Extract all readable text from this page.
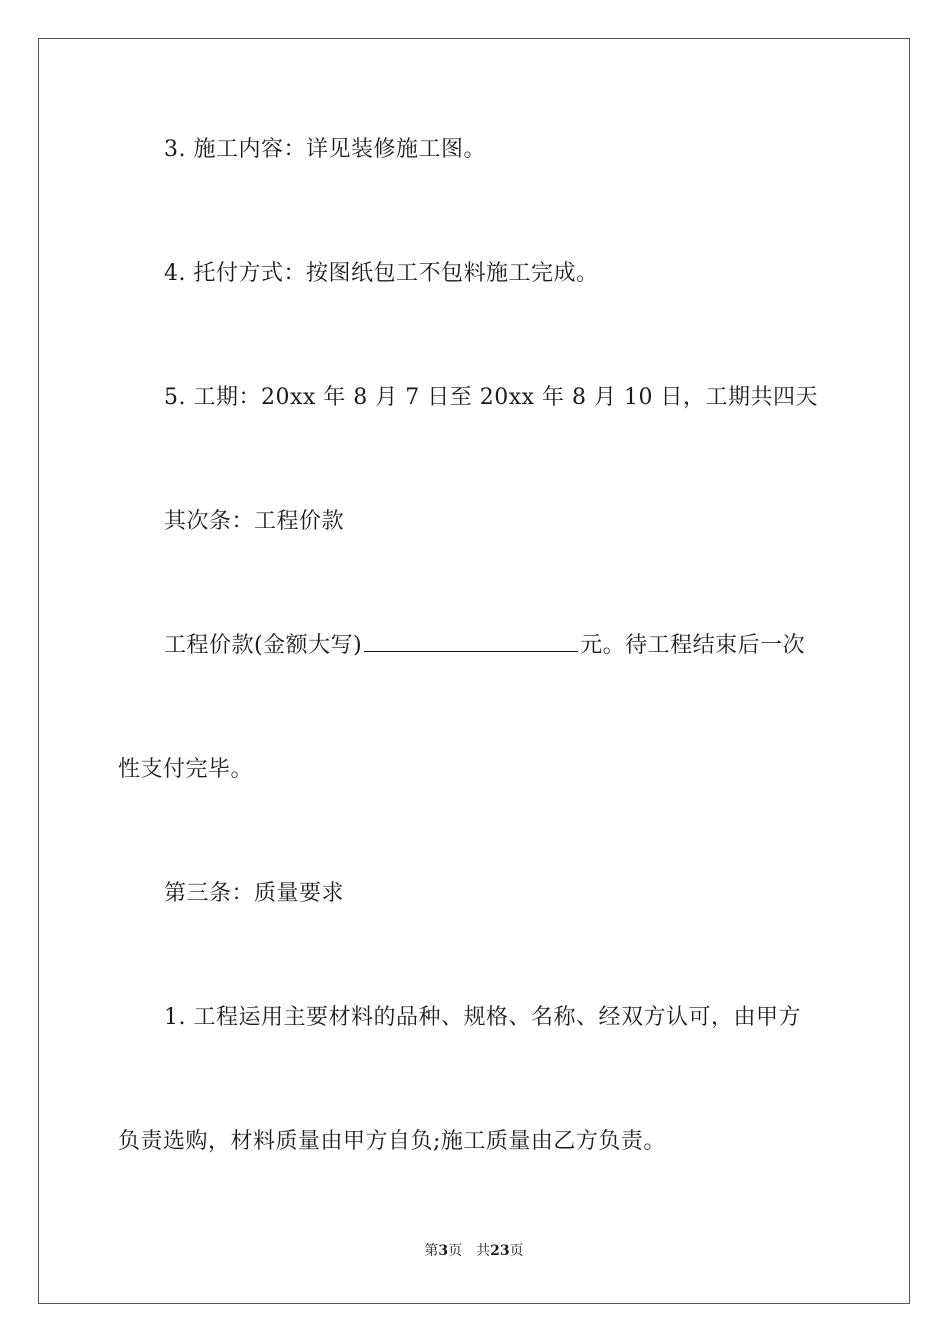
3. 施工内容：详见装修施工图。
4. 托付方式：按图纸包工不包料施工完成。
5. 工期：20xx 年 8 月 7 日至 20xx 年 8 月 10 日，工期共四天
其次条：工程价款
工程价款(金额大写)	元。待工程结束后一次
性支付完毕。
第三条：质量要求
1. 工程运用主要材料的品种、规格、名称、经双方认可，由甲方
负责选购，材料质量由甲方自负;施工质量由乙方负责。
第3页 共23页
